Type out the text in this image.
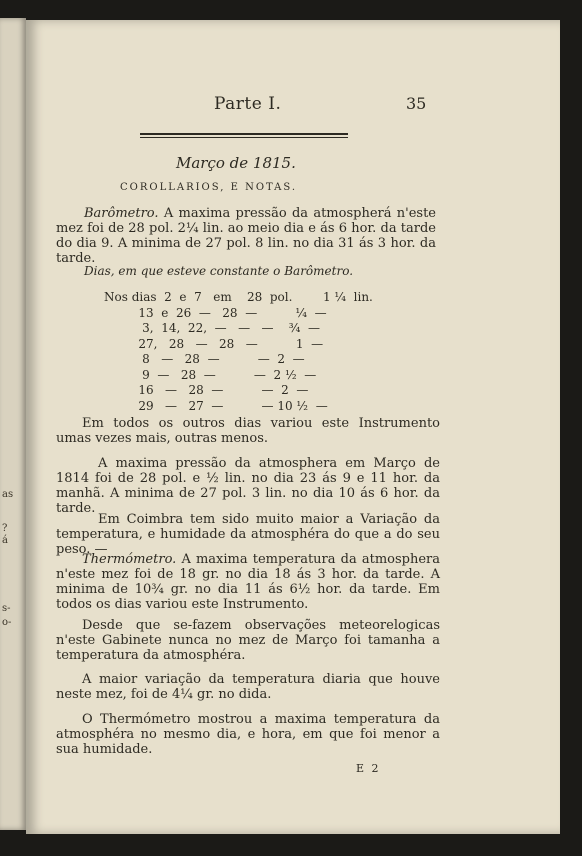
as
?
á
s-
o-
Parte I.	35
Março de 1815.
COROLLARIOS, E NOTAS.

Barômetro. A maxima pressão da atmospherá n'este mez foi de 28 pol. 2¼ lin. ao meio dia e ás 6 hor. da tarde do dia 9. A minima de 27 pol. 8 lin. no dia 31 ás 3 hor. da tarde.

Dias, em que esteve constante o Barômetro.
Nos dias  2  e  7   em    28  pol.        1 ¼  lin.
13  e  26  —   28  —          ¼  —
3,  14,  22,  —   —   —    ¾  —
27,   28   —   28   —          1  —
8   —   28  —          —  2  —
9  —   28  —          —  2 ½  —
16   —   28  —          —  2  —
29   —   27  —          — 10 ½  —

Em todos os outros dias variou este Instrumento umas vezes mais, outras menos.

A maxima pressão da atmosphera em Março de 1814 foi de 28 pol. e ½ lin. no dia 23 ás 9 e 11 hor. da manhã. A minima de 27 pol. 3 lin. no dia 10 ás 6 hor. da tarde.

Em Coimbra tem sido muito maior a Variação da temperatura, e humidade da atmosphéra do que a do seu peso. —

Thermómetro. A maxima temperatura da atmosphera n'este mez foi de 18 gr. no dia 18 ás 3 hor. da tarde. A minima de 10¾ gr. no dia 11 ás 6½ hor. da tarde. Em todos os dias variou este Instrumento.

Desde que se-fazem observações meteorelogicas n'este Gabinete nunca no mez de Março foi tamanha a temperatura da atmosphéra.

A maior variação da temperatura diaria que houve neste mez, foi de 4¼ gr. no dida.

O Thermómetro mostrou a maxima temperatura da atmosphéra no mesmo dia, e hora, em que foi menor a sua humidade.

E 2
